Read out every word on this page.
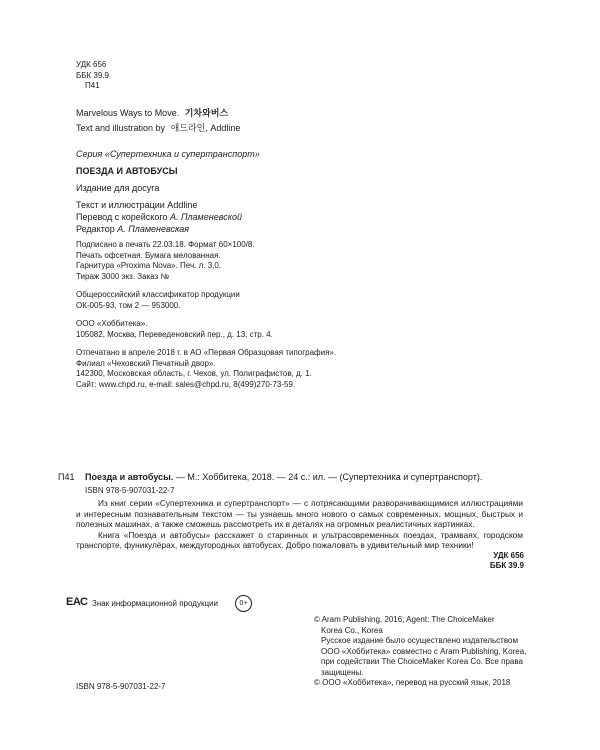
УДК 656
ББК 39.9
П41
Marvelous Ways to Move. 기차와버스
Text and illustration by 애드라인, Addline
Серия «Супертехника и супертранспорт»
ПОЕЗДА И АВТОБУСЫ
Издание для досуга
Текст и иллюстрации Addline
Перевод с корейского А. Пламеневской
Редактор А. Пламеневская
Подписано в печать 22.03.18. Формат 60×100/8.
Печать офсетная. Бумага мелованная.
Гарнитура «Proxima Nova». Печ. л. 3,0.
Тираж 3000 экз. Заказ №
Общероссийский классификатор продукции
ОК-005-93, том 2 — 953000.
ООО «Хоббитека».
105082, Москва, Переведеновский пер., д. 13, стр. 4.
Отпечатано в апреле 2018 г. в АО «Первая Образцовая типография».
Филиал «Чеховский Печатный двор».
142300, Московская область, г. Чехов, ул. Полиграфистов, д. 1.
Сайт: www.chpd.ru, e-mail: sales@chpd.ru, 8(499)270-73-59.
П41 Поезда и автобусы. — М.: Хоббитека, 2018. — 24 с.: ил. — (Супертехника и супертранспорт).
ISBN 978-5-907031-22-7

Из книг серии «Супертехника и супертранспорт» — с потрясающими разворачивающимися иллюстрациями и интересным познавательным текстом — ты узнаешь много нового о самых современных, мощных, быстрых и полезных машинах, а также сможешь рассмотреть их в деталях на огромных реалистичных картинках.

Книга «Поезда и автобусы» расскажет о старинных и ультрасовременных поездах, трамваях, городском транспорте, фуникулёрах, междугородных автобусах. Добро пожаловать в удивительный мир техники!

УДК 656
ББК 39.9
ЕАС Знак информационной продукции	0+
ISBN 978-5-907031-22-7
© Aram Publishing, 2016; Agent: The ChoiceMaker
Korea Co., Korea
Русское издание было осуществлено издательством
ООО «Хоббитека» совместно с Aram Publishing, Korea,
при содействии The ChoiceMaker Korea Co. Все права
защищены.
© ООО «Хоббитека», перевод на русский язык, 2018
